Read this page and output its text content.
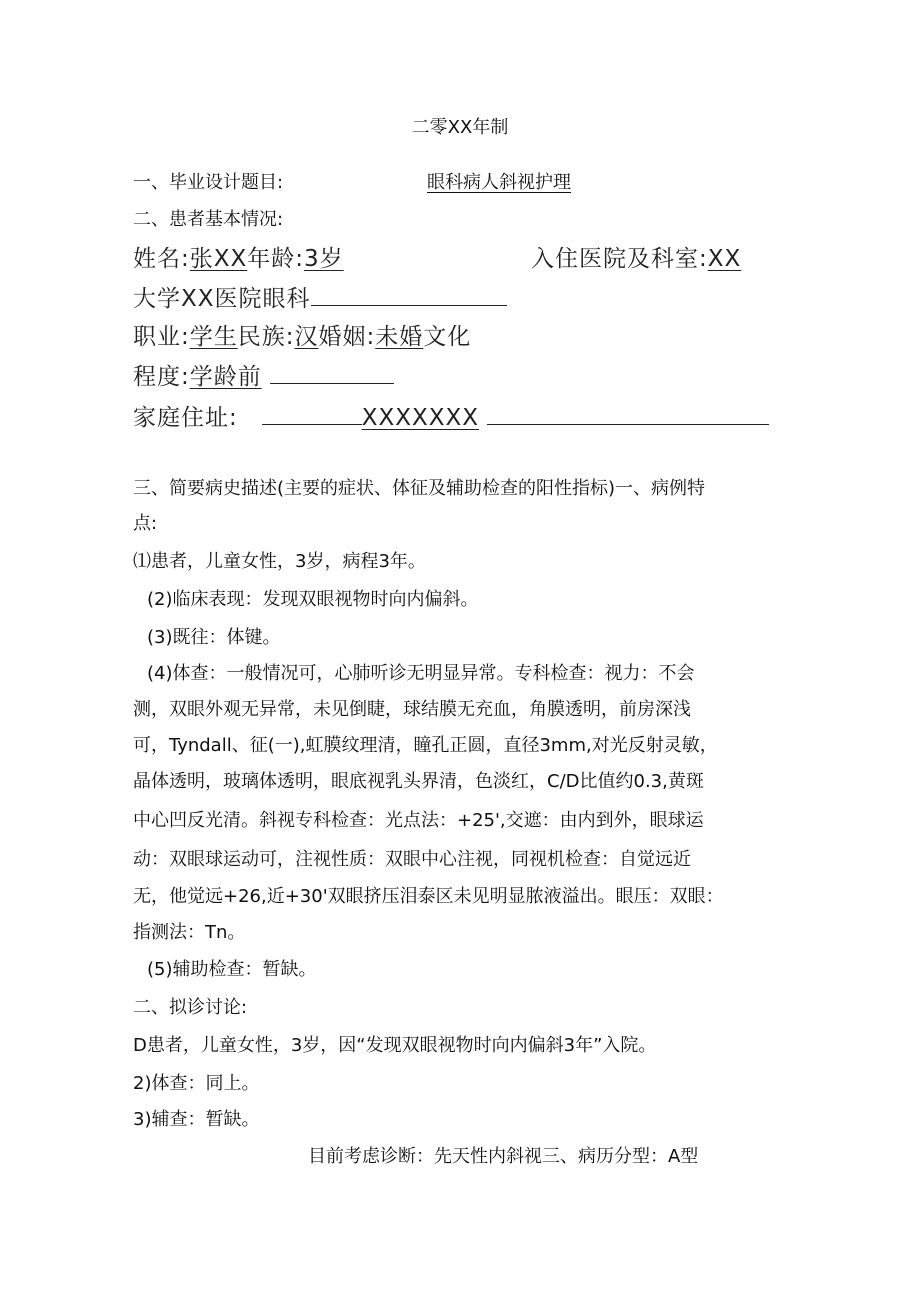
二零XX年制
一、毕业设计题目:	眼科病人斜视护理
二、患者基本情况:
姓名:张XX年龄:3岁	入住医院及科室:XX
大学XX医院眼科
职业:学生民族:汉婚姻:未婚文化
程度:学龄前
家庭住址:	XXXXXXX
三、简要病史描述(主要的症状、体征及辅助检查的阳性指标)一、病例特
点:
⑴患者，儿童女性，3岁，病程3年。
(2)临床表现：发现双眼视物时向内偏斜。
(3)既往：体键。
(4)体查：一般情况可，心肺听诊无明显异常。专科检查：视力：不会
测，双眼外观无异常，未见倒睫，球结膜无充血，角膜透明，前房深浅
可，Tyndall、征(一),虹膜纹理清，瞳孔正圆，直径3mm,对光反射灵敏，
晶体透明，玻璃体透明，眼底视乳头界清，色淡红，C/D比值约0.3,黄斑
中心凹反光清。斜视专科检查：光点法：+25',交遮：由内到外，眼球运
动：双眼球运动可，注视性质：双眼中心注视，同视机检查：自觉远近
无，他觉远+26,近+30'双眼挤压泪泰区未见明显脓液溢出。眼压：双眼：
指测法：Tn。
(5)辅助检查：暂缺。
二、拟诊讨论:
D患者，儿童女性，3岁，因“发现双眼视物时向内偏斜3年”入院。
2)体查：同上。
3)辅查：暂缺。
目前考虑诊断：先天性内斜视三、病历分型：A型
